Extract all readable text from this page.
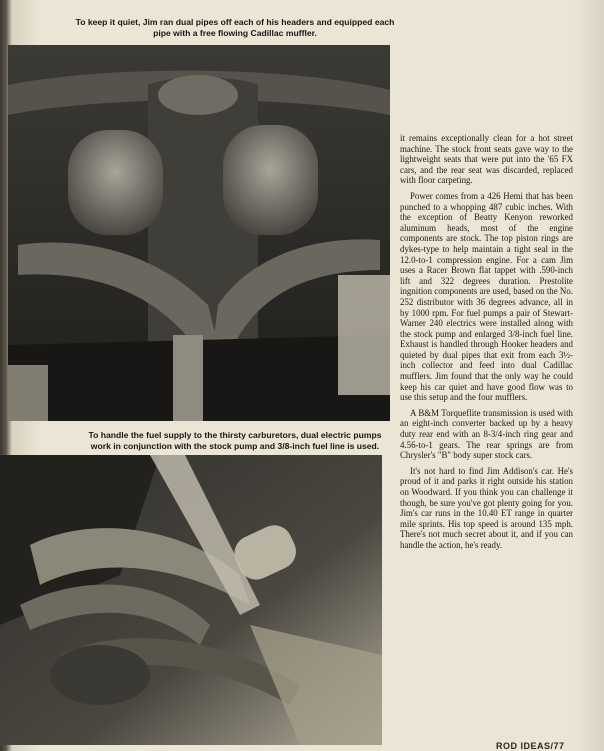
To keep it quiet, Jim ran dual pipes off each of his headers and equipped each pipe with a free flowing Cadillac muffler.
To handle the fuel supply to the thirsty carburetors, dual electric pumps work in conjunction with the stock pump and 3/8-inch fuel line is used.

it remains exceptionally clean for a hot street machine. The stock front seats gave way to the lightweight seats that were put into the '65 FX cars, and the rear seat was discarded, replaced with floor carpeting.

Power comes from a 426 Hemi that has been punched to a whopping 487 cubic inches. With the exception of Beatty Kenyon reworked aluminum heads, most of the engine components are stock. The top piston rings are dykes-type to help maintain a tight seal in the 12.0-to-1 compression engine. For a cam Jim uses a Racer Brown flat tappet with .590-inch lift and 322 degrees duration. Prestolite ingnition components are used, based on the No. 252 distributor with 36 degrees advance, all in by 1000 rpm. For fuel pumps a pair of Stewart-Warner 240 electrics were installed along with the stock pump and enlarged 3/8-inch fuel line. Exhaust is handled through Hooker headers and quieted by dual pipes that exit from each 3½-inch collector and feed into dual Cadillac mufflers. Jim found that the only way he could keep his car quiet and have good flow was to use this setup and the four mufflers.

A B&M Torqueflite transmission is used with an eight-inch converter backed up by a heavy duty rear end with an 8-3/4-inch ring gear and 4.56-to-1 gears. The rear springs are from Chrysler's "B" body super stock cars.

It's not hard to find Jim Addison's car. He's proud of it and parks it right outside his station on Woodward. If you think you can challenge it though, be sure you've got plenty going for you. Jim's car runs in the 10.40 ET range in quarter mile sprints. His top speed is around 135 mph. There's not much secret about it, and if you can handle the action, he's ready.

ROD IDEAS/77
